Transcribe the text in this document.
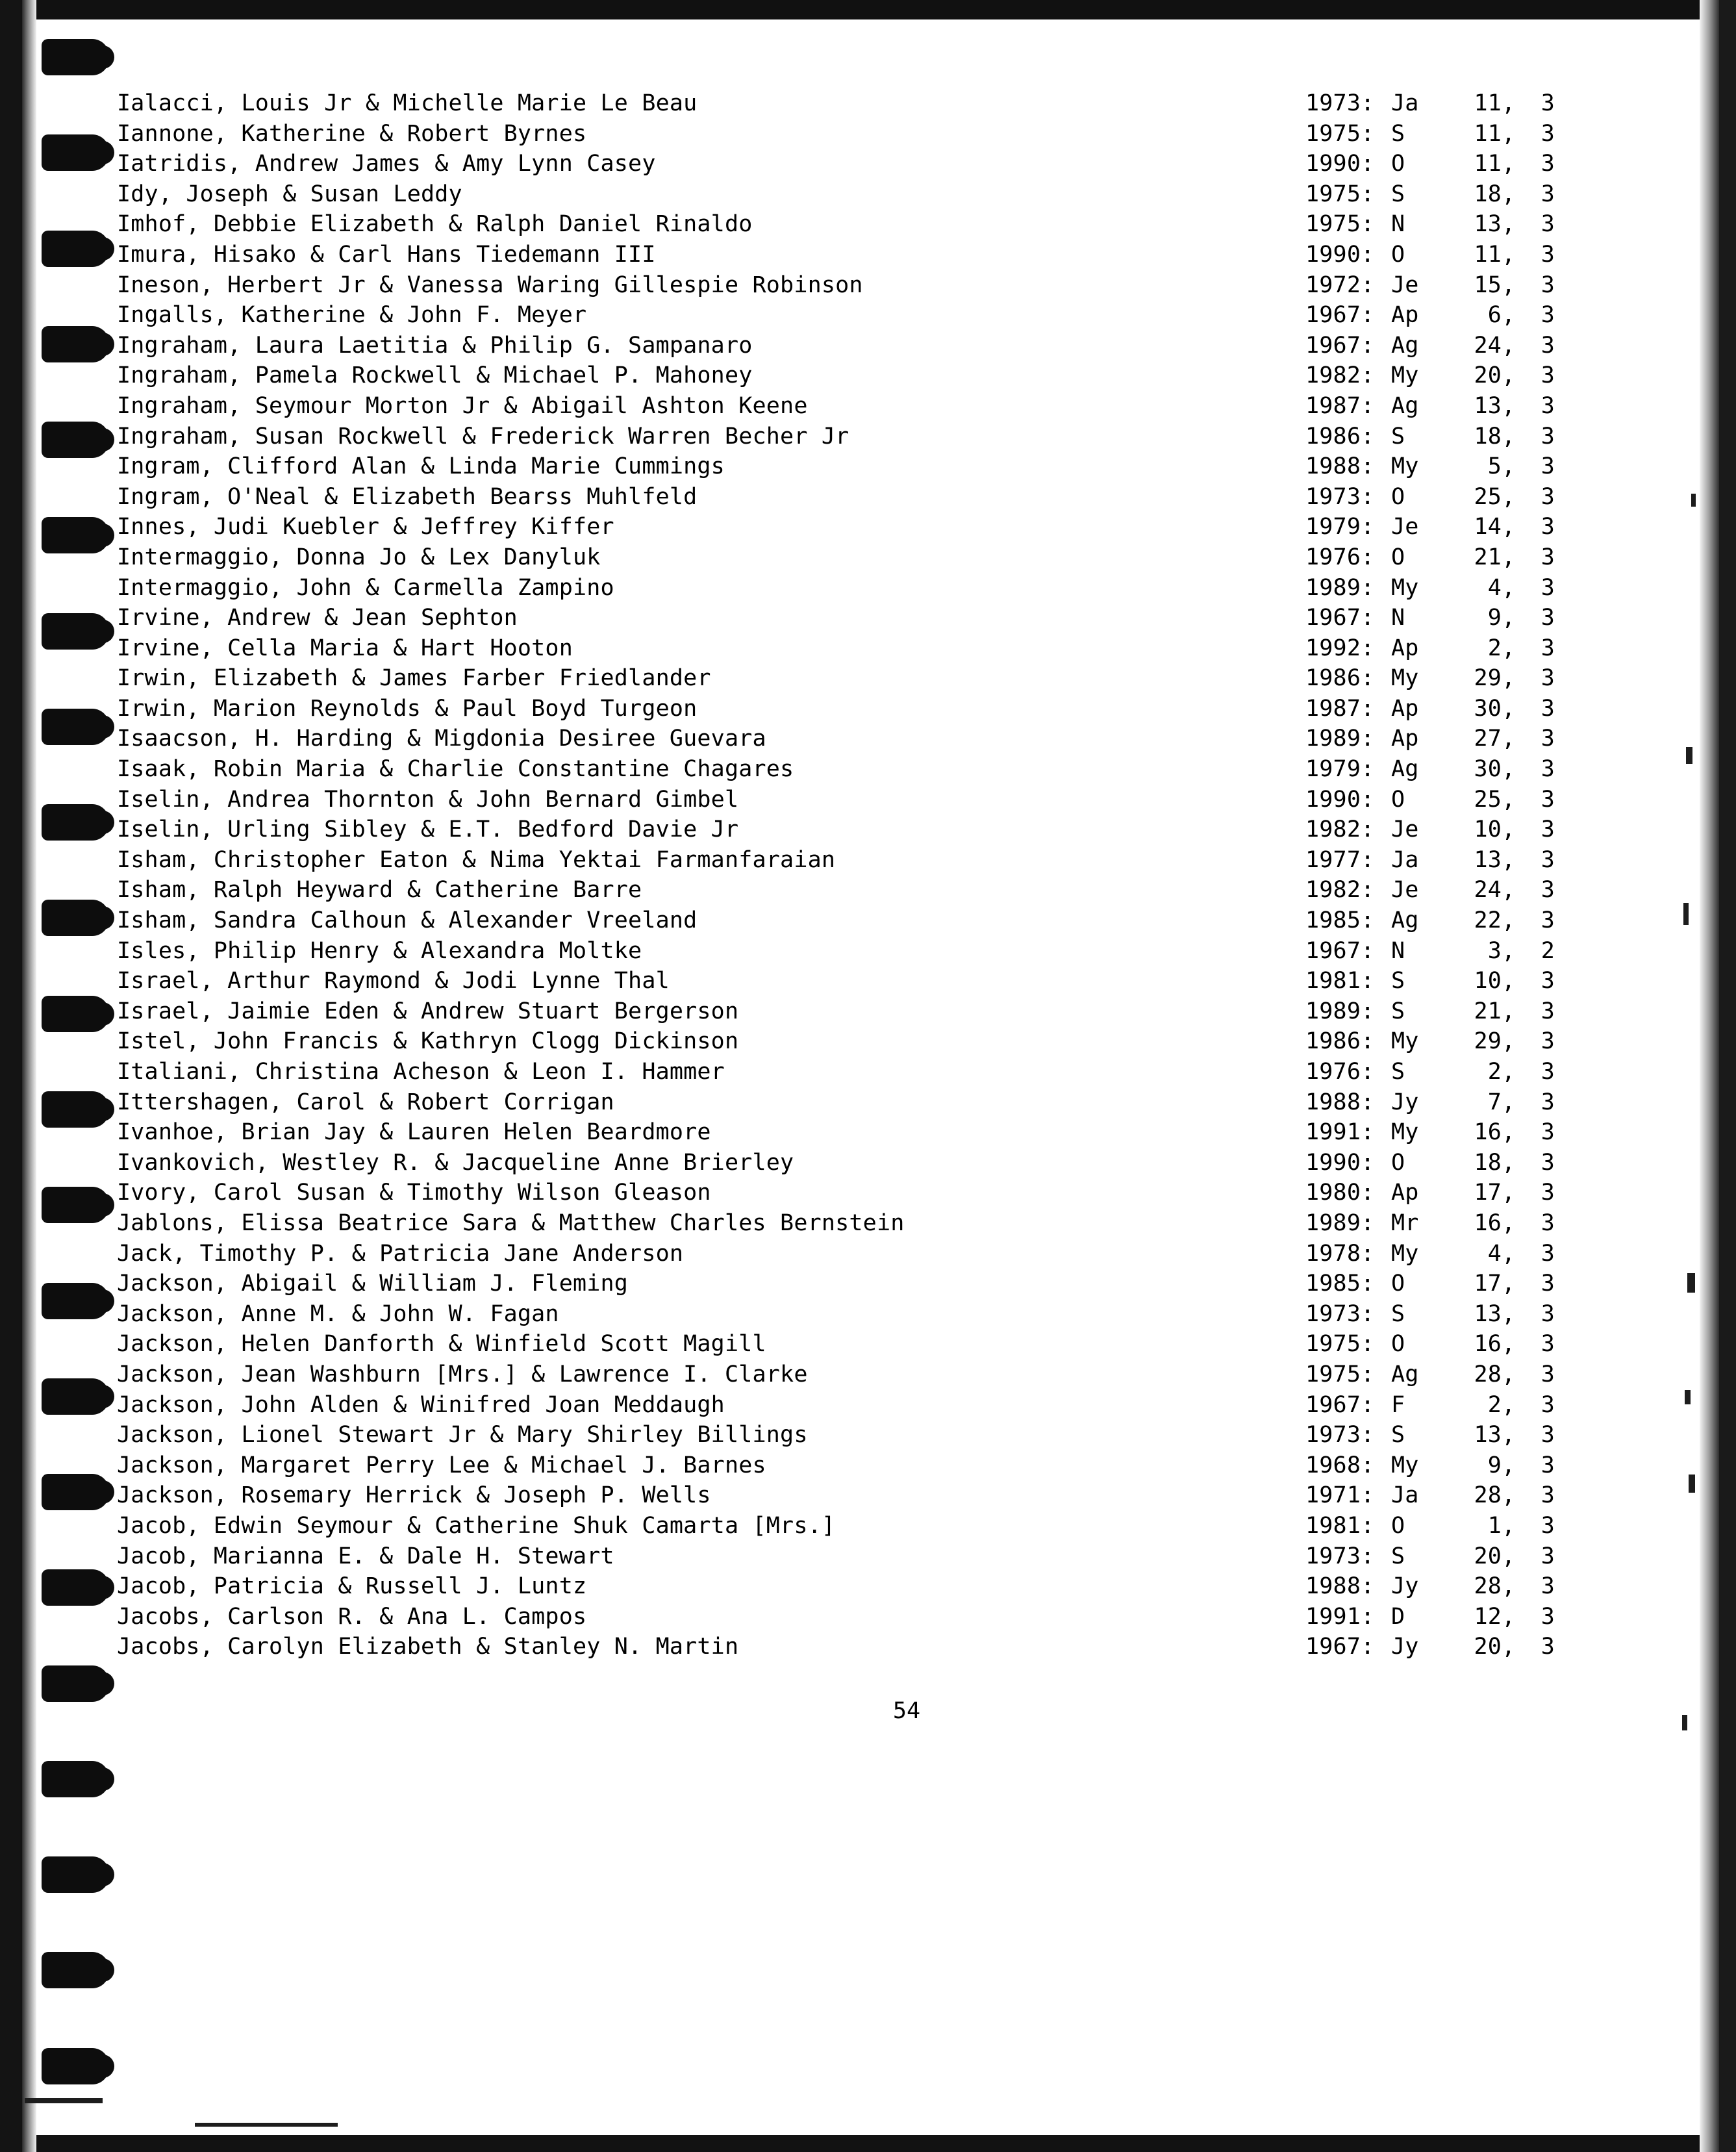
Ialacci, Louis Jr & Michelle Marie Le Beau	1973: Ja	11 ,	3
Iannone, Katherine & Robert Byrnes	1975: S	11 ,	3
Iatridis, Andrew James & Amy Lynn Casey	1990: O	11 ,	3
Idy, Joseph & Susan Leddy	1975: S	18 ,	3
Imhof, Debbie Elizabeth & Ralph Daniel Rinaldo	1975: N	13 ,	3
Imura, Hisako & Carl Hans Tiedemann III	1990: O	11 ,	3
Ineson, Herbert Jr & Vanessa Waring Gillespie Robinson	1972: Je	15 ,	3
Ingalls, Katherine & John F. Meyer	1967: Ap	6 ,	3
Ingraham, Laura Laetitia & Philip G. Sampanaro	1967: Ag	24 ,	3
Ingraham, Pamela Rockwell & Michael P. Mahoney	1982: My	20 ,	3
Ingraham, Seymour Morton Jr & Abigail Ashton Keene	1987: Ag	13 ,	3
Ingraham, Susan Rockwell & Frederick Warren Becher Jr	1986: S	18 ,	3
Ingram, Clifford Alan & Linda Marie Cummings	1988: My	5 ,	3
Ingram, O'Neal & Elizabeth Bearss Muhlfeld	1973: O	25 ,	3
Innes, Judi Kuebler & Jeffrey Kiffer	1979: Je	14 ,	3
Intermaggio, Donna Jo & Lex Danyluk	1976: O	21 ,	3
Intermaggio, John & Carmella Zampino	1989: My	4 ,	3
Irvine, Andrew & Jean Sephton	1967: N	9 ,	3
Irvine, Cella Maria & Hart Hooton	1992: Ap	2 ,	3
Irwin, Elizabeth & James Farber Friedlander	1986: My	29 ,	3
Irwin, Marion Reynolds & Paul Boyd Turgeon	1987: Ap	30 ,	3
Isaacson, H. Harding & Migdonia Desiree Guevara	1989: Ap	27 ,	3
Isaak, Robin Maria & Charlie Constantine Chagares	1979: Ag	30 ,	3
Iselin, Andrea Thornton & John Bernard Gimbel	1990: O	25 ,	3
Iselin, Urling Sibley & E.T. Bedford Davie Jr	1982: Je	10 ,	3
Isham, Christopher Eaton & Nima Yektai Farmanfaraian	1977: Ja	13 ,	3
Isham, Ralph Heyward & Catherine Barre	1982: Je	24 ,	3
Isham, Sandra Calhoun & Alexander Vreeland	1985: Ag	22 ,	3
Isles, Philip Henry & Alexandra Moltke	1967: N	3 ,	2
Israel, Arthur Raymond & Jodi Lynne Thal	1981: S	10 ,	3
Israel, Jaimie Eden & Andrew Stuart Bergerson	1989: S	21 ,	3
Istel, John Francis & Kathryn Clogg Dickinson	1986: My	29 ,	3
Italiani, Christina Acheson & Leon I. Hammer	1976: S	2 ,	3
Ittershagen, Carol & Robert Corrigan	1988: Jy	7 ,	3
Ivanhoe, Brian Jay & Lauren Helen Beardmore	1991: My	16 ,	3
Ivankovich, Westley R. & Jacqueline Anne Brierley	1990: O	18 ,	3
Ivory, Carol Susan & Timothy Wilson Gleason	1980: Ap	17 ,	3
Jablons, Elissa Beatrice Sara & Matthew Charles Bernstein	1989: Mr	16 ,	3
Jack, Timothy P. & Patricia Jane Anderson	1978: My	4 ,	3
Jackson, Abigail & William J. Fleming	1985: O	17 ,	3
Jackson, Anne M. & John W. Fagan	1973: S	13 ,	3
Jackson, Helen Danforth & Winfield Scott Magill	1975: O	16 ,	3
Jackson, Jean Washburn [Mrs.] & Lawrence I. Clarke	1975: Ag	28 ,	3
Jackson, John Alden & Winifred Joan Meddaugh	1967: F	2 ,	3
Jackson, Lionel Stewart Jr & Mary Shirley Billings	1973: S	13 ,	3
Jackson, Margaret Perry Lee & Michael J. Barnes	1968: My	9 ,	3
Jackson, Rosemary Herrick & Joseph P. Wells	1971: Ja	28 ,	3
Jacob, Edwin Seymour & Catherine Shuk Camarta [Mrs.]	1981: O	1 ,	3
Jacob, Marianna E. & Dale H. Stewart	1973: S	20 ,	3
Jacob, Patricia & Russell J. Luntz	1988: Jy	28 ,	3
Jacobs, Carlson R. & Ana L. Campos	1991: D	12 ,	3
Jacobs, Carolyn Elizabeth & Stanley N. Martin	1967: Jy	20 ,	3
54
